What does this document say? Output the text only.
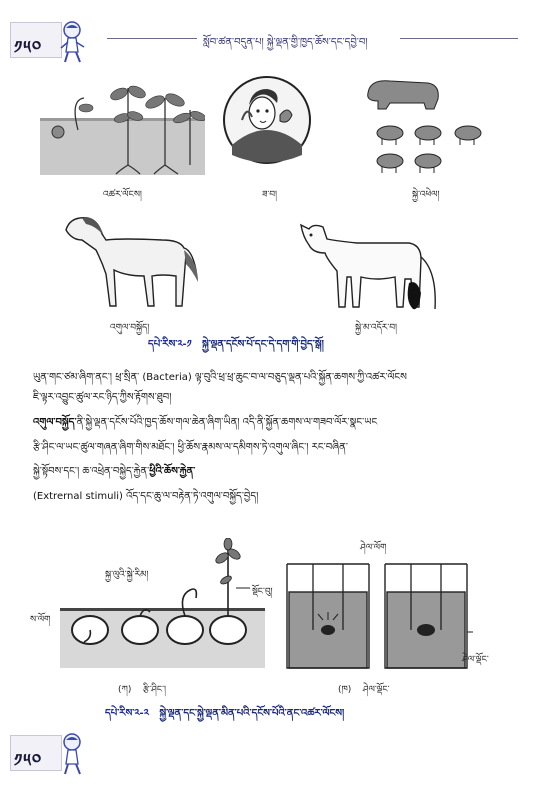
༡༥༠	སློབ་ཚན་བདུན་པ། སྐྱེ་ལྡན་གྱི་ཁྱད་ཆོས་དང་དབྱེ་བ།
འཚར་ལོངས།	ཟ་བ།	སྐྱེ་འཕེལ།
འགུལ་བསྐྱོད།	སྐྱེ་མ་འདོར་བ།
དཔེ་རིས་༢-༡ སྐྱེ་ལྡན་དངོས་པོ་དང་དེ་དག་གི་བྱེད་སྒོ།
ཡུན་གང་ཙམ་ཞིག་ནང་། ཕྲ་སྲིན་ (Bacteria) ལྟ་བུའི་ཕྲ་ཕྲ་ཆུང་བ་ལ་བཅུད་ལྡན་པའི་སྐྱོན་ཆགས་ཀྱི་འཚར་ལོངས
ཇི་ལྟར་འབྱུང་ཚུལ་རང་ཉིད་ཀྱིས་རྟོགས་ཐུབ།
འགུལ་བསྐྱོད་ནི་སྐྱེ་ལྡན་དངོས་པོའི་ཁྱད་ཆོས་གལ་ཆེན་ཞིག་ཡིན། འདི་ནི་སྐྱོན་ཆགས་ལ་གཟབ་ལོར་སྣང་ཡང
རྩི་ཤིང་ལ་ཡང་ཚུལ་གཞན་ཞིག་གིས་མཐོང་། ཕྱི་ཆོས་རྣམས་ལ་དམིགས་ཏེ་འགུལ་ཞིང་། རང་བཞིན་
སྐྱེ་སྟོབས་དང་། ཆ་འཕྲེན་བསྐྱེད་རྐྱེན་ཕྱིའི་ཆོས་རྐྱེན་
(Extrernal stimuli) འོད་དང་ཆུ་ལ་བརྟེན་ཏེ་འགུལ་བསྐྱོད་བྱེད།
སྐྱ་ལུའི་སྐྱེ་རིམ།
སྡོང་བུ།
ས་ལོག
ཤེལ་ལོག
ཤེལ་ལྡོང་
(ཀ) རྩི་ཤིང་།	(ཁ) ཤེལ་ལྡོང་
དཔེ་རིས་༢-༢ སྐྱེ་ལྡན་དང་སྐྱེ་ལྡན་མིན་པའི་དངོས་པོའི་ནང་འཚར་ལོངས།
༡༥༠
